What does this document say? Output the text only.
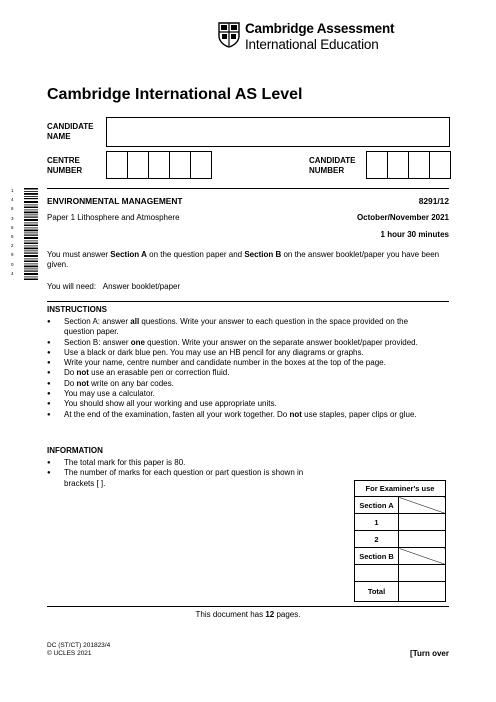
Cambridge Assessment
International Education
Cambridge International AS Level
CANDIDATE
NAME
CENTRE
NUMBER
CANDIDATE
NUMBER
1 4 6 3 6 5 2 9 0 4
ENVIRONMENTAL MANAGEMENT	8291/12
Paper 1 Lithosphere and Atmosphere	October/November 2021
1 hour 30 minutes
You must answer Section A on the question paper and Section B on the answer booklet/paper you have been given.
You will need: Answer booklet/paper
INSTRUCTIONS
● Section A: answer all questions. Write your answer to each question in the space provided on the question paper.
● Section B: answer one question. Write your answer on the separate answer booklet/paper provided.
● Use a black or dark blue pen. You may use an HB pencil for any diagrams or graphs.
● Write your name, centre number and candidate number in the boxes at the top of the page.
● Do not use an erasable pen or correction fluid.
● Do not write on any bar codes.
● You may use a calculator.
● You should show all your working and use appropriate units.
● At the end of the examination, fasten all your work together. Do not use staples, paper clips or glue.
INFORMATION
● The total mark for this paper is 80.
● The number of marks for each question or part question is shown in brackets [ ].
For Examiner's use	
Section A	
1	
2	
Section B	

Total	
This document has 12 pages.
DC (ST/CT) 201823/4
© UCLES 2021	[Turn over
